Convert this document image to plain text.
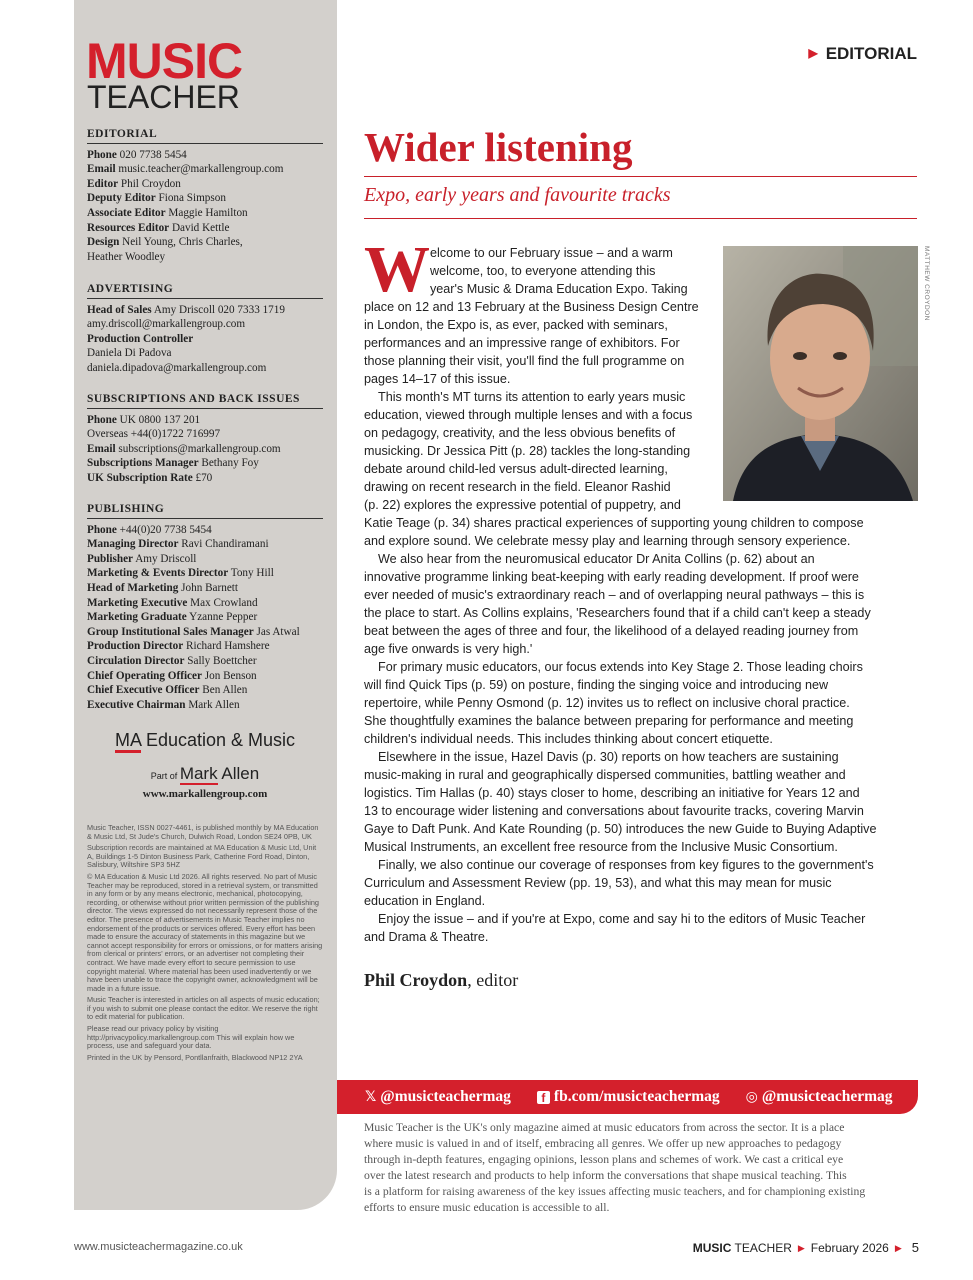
MUSIC
TEACHER
EDITORIAL
Phone 020 7738 5454
Email music.teacher@markallengroup.com
Editor Phil Croydon
Deputy Editor Fiona Simpson
Associate Editor Maggie Hamilton
Resources Editor David Kettle
Design Neil Young, Chris Charles,
Heather Woodley
ADVERTISING
Head of Sales Amy Driscoll 020 7333 1719
amy.driscoll@markallengroup.com
Production Controller
Daniela Di Padova
daniela.dipadova@markallengroup.com
SUBSCRIPTIONS AND BACK ISSUES
Phone UK 0800 137 201
Overseas +44(0)1722 716997
Email subscriptions@markallengroup.com
Subscriptions Manager Bethany Foy
UK Subscription Rate £70
PUBLISHING
Phone +44(0)20 7738 5454
Managing Director Ravi Chandiramani
Publisher Amy Driscoll
Marketing & Events Director Tony Hill
Head of Marketing John Barnett
Marketing Executive Max Crowland
Marketing Graduate Yzanne Pepper
Group Institutional Sales Manager Jas Atwal
Production Director Richard Hamshere
Circulation Director Sally Boettcher
Chief Operating Officer Jon Benson
Chief Executive Officer Ben Allen
Executive Chairman Mark Allen
MA Education & Music
Part of Mark Allen
www.markallengroup.com

Music Teacher, ISSN 0027-4461, is published monthly by MA Education & Music Ltd, St Jude's Church, Dulwich Road, London SE24 0PB, UK

Subscription records are maintained at MA Education & Music Ltd, Unit A, Buildings 1-5 Dinton Business Park, Catherine Ford Road, Dinton, Salisbury, Wiltshire SP3 5HZ

© MA Education & Music Ltd 2026. All rights reserved. No part of Music Teacher may be reproduced, stored in a retrieval system, or transmitted in any form or by any means electronic, mechanical, photocopying, recording, or otherwise without prior written permission of the publishing director. The views expressed do not necessarily represent those of the editor. The presence of advertisements in Music Teacher implies no endorsement of the products or services offered. Every effort has been made to ensure the accuracy of statements in this magazine but we cannot accept responsibility for errors or omissions, or for matters arising from clerical or printers' errors, or an advertiser not completing their contract. We have made every effort to secure permission to use copyright material. Where material has been used inadvertently or we have been unable to trace the copyright owner, acknowledgment will be made in a future issue.

Music Teacher is interested in articles on all aspects of music education; if you wish to submit one please contact the editor. We reserve the right to edit material for publication.

Please read our privacy policy by visiting http://privacypolicy.markallengroup.com This will explain how we process, use and safeguard your data.

Printed in the UK by Pensord, Pontllanfraith, Blackwood NP12 2YA

▶ EDITORIAL
Wider listening
Expo, early years and favourite tracks
MATTHEW CROYDON
W elcome to our February issue – and a warm
welcome, too, to everyone attending this
year's Music & Drama Education Expo. Taking
place on 12 and 13 February at the Business Design Centre
in London, the Expo is, as ever, packed with seminars,
performances and an impressive range of exhibitors. For
those planning their visit, you'll find the full programme on
pages 14–17 of this issue.
This month's MT turns its attention to early years music
education, viewed through multiple lenses and with a focus
on pedagogy, creativity, and the less obvious benefits of
musicking. Dr Jessica Pitt (p. 28) tackles the long-standing
debate around child-led versus adult-directed learning,
drawing on recent research in the field. Eleanor Rashid
(p. 22) explores the expressive potential of puppetry, and
Katie Teage (p. 34) shares practical experiences of supporting young children to compose
and explore sound. We celebrate messy play and learning through sensory experience.
We also hear from the neuromusical educator Dr Anita Collins (p. 62) about an
innovative programme linking beat-keeping with early reading development. If proof were
ever needed of music's extraordinary reach – and of overlapping neural pathways – this is
the place to start. As Collins explains, 'Researchers found that if a child can't keep a steady
beat between the ages of three and four, the likelihood of a delayed reading journey from
age five onwards is very high.'
For primary music educators, our focus extends into Key Stage 2. Those leading choirs
will find Quick Tips (p. 59) on posture, finding the singing voice and introducing new
repertoire, while Penny Osmond (p. 12) invites us to reflect on inclusive choral practice.
She thoughtfully examines the balance between preparing for performance and meeting
children's individual needs. This includes thinking about concert etiquette.
Elsewhere in the issue, Hazel Davis (p. 30) reports on how teachers are sustaining
music-making in rural and geographically dispersed communities, battling weather and
logistics. Tim Hallas (p. 40) stays closer to home, describing an initiative for Years 12 and
13 to encourage wider listening and conversations about favourite tracks, covering Marvin
Gaye to Daft Punk. And Kate Rounding (p. 50) introduces the new Guide to Buying Adaptive
Musical Instruments, an excellent free resource from the Inclusive Music Consortium.
Finally, we also continue our coverage of responses from key figures to the government's
Curriculum and Assessment Review (pp. 19, 53), and what this may mean for music
education in England.
Enjoy the issue – and if you're at Expo, come and say hi to the editors of Music Teacher
and Drama & Theatre.
Phil Croydon, editor
𝕏 @musicteachermag	f fb.com/musicteachermag ◎ @musicteachermag
Music Teacher is the UK's only magazine aimed at music educators from across the sector. It is a place
where music is valued in and of itself, embracing all genres. We offer up new approaches to pedagogy
through in-depth features, engaging opinions, lesson plans and schemes of work. We cast a critical eye
over the latest research and products to help inform the conversations that shape musical teaching. This
is a platform for raising awareness of the key issues affecting music teachers, and for championing existing
efforts to ensure music education is accessible to all.
www.musicteachermagazine.co.uk	MUSIC TEACHER ▶ February 2026 ▶ 5
